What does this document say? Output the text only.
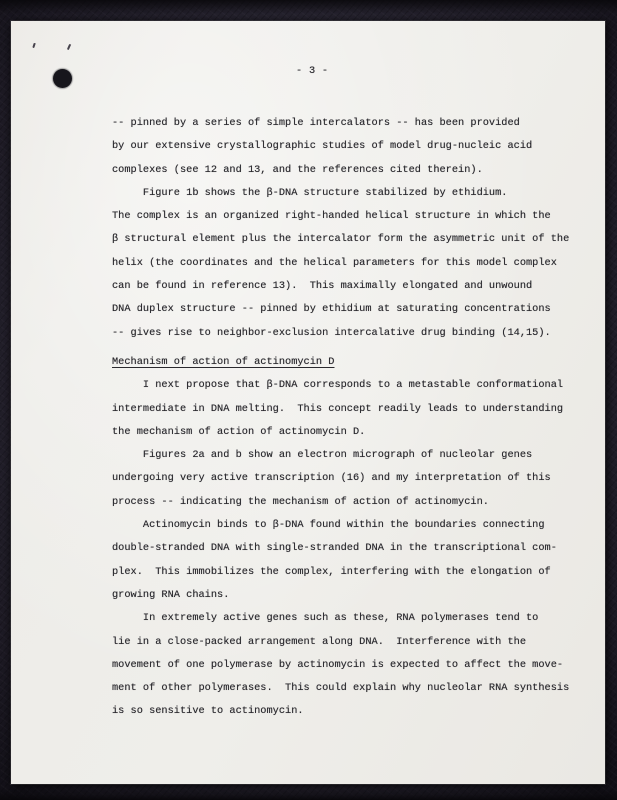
- 3 -
-- pinned by a series of simple intercalators -- has been provided
by our extensive crystallographic studies of model drug-nucleic acid
complexes (see 12 and 13, and the references cited therein).
Figure 1b shows the β-DNA structure stabilized by ethidium.
The complex is an organized right-handed helical structure in which the
β structural element plus the intercalator form the asymmetric unit of the
helix (the coordinates and the helical parameters for this model complex
can be found in reference 13).  This maximally elongated and unwound
DNA duplex structure -- pinned by ethidium at saturating concentrations
-- gives rise to neighbor-exclusion intercalative drug binding (14,15).
Mechanism of action of actinomycin D
I next propose that β-DNA corresponds to a metastable conformational
intermediate in DNA melting.  This concept readily leads to understanding
the mechanism of action of actinomycin D.
Figures 2a and b show an electron micrograph of nucleolar genes
undergoing very active transcription (16) and my interpretation of this
process -- indicating the mechanism of action of actinomycin.
Actinomycin binds to β-DNA found within the boundaries connecting
double-stranded DNA with single-stranded DNA in the transcriptional com-
plex.  This immobilizes the complex, interfering with the elongation of
growing RNA chains.
In extremely active genes such as these, RNA polymerases tend to
lie in a close-packed arrangement along DNA.  Interference with the
movement of one polymerase by actinomycin is expected to affect the move-
ment of other polymerases.  This could explain why nucleolar RNA synthesis
is so sensitive to actinomycin.
